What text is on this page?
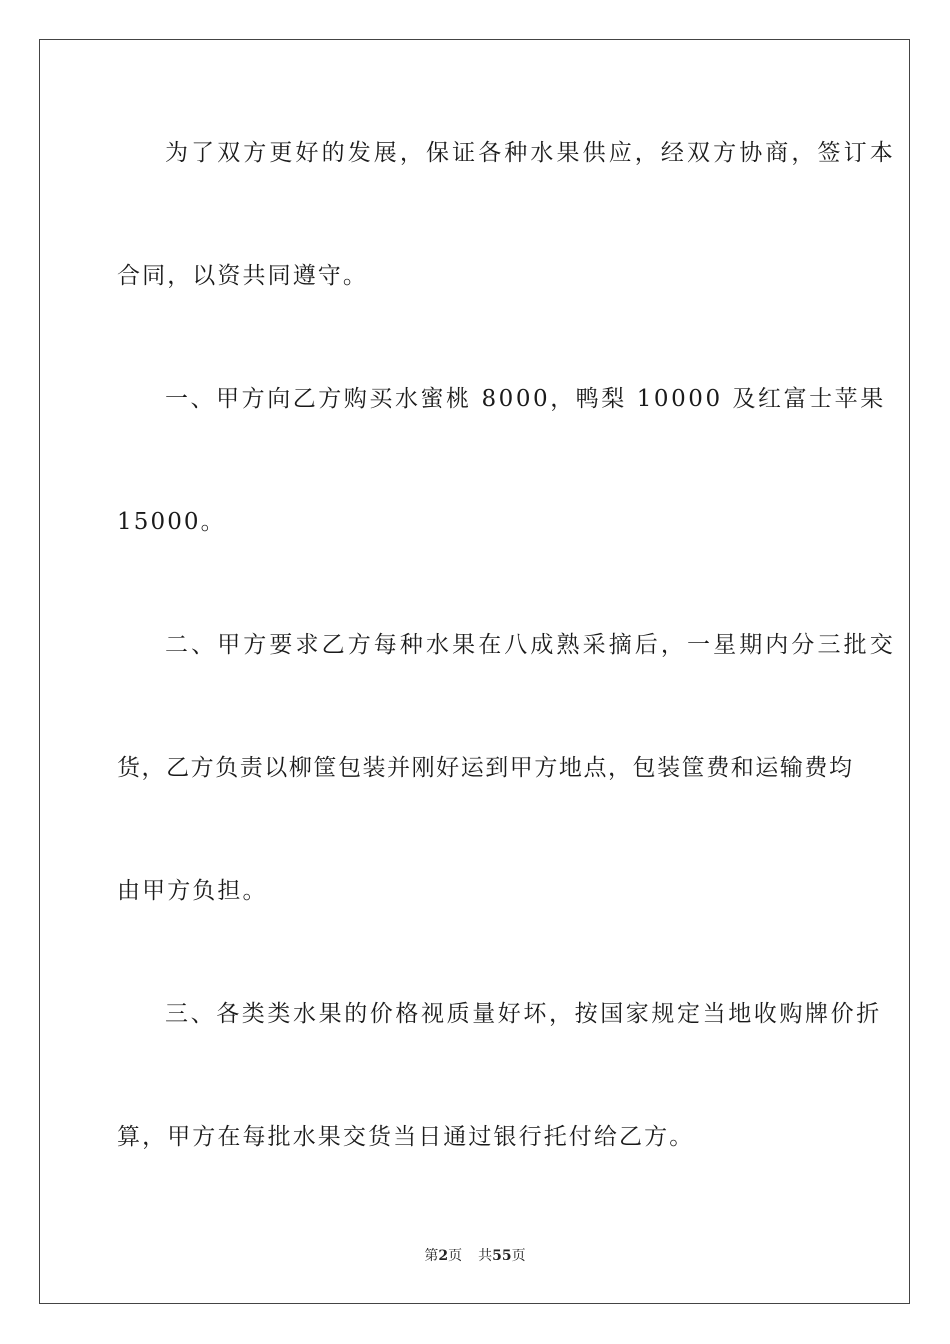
为了双方更好的发展，保证各种水果供应，经双方协商，签订本
合同，以资共同遵守。
一、甲方向乙方购买水蜜桃 8000，鸭梨 10000 及红富士苹果
15000。
二、甲方要求乙方每种水果在八成熟采摘后，一星期内分三批交
货，乙方负责以柳筐包装并刚好运到甲方地点，包装筐费和运输费均
由甲方负担。
三、各类类水果的价格视质量好坏，按国家规定当地收购牌价折
算，甲方在每批水果交货当日通过银行托付给乙方。
第2页 共55页
